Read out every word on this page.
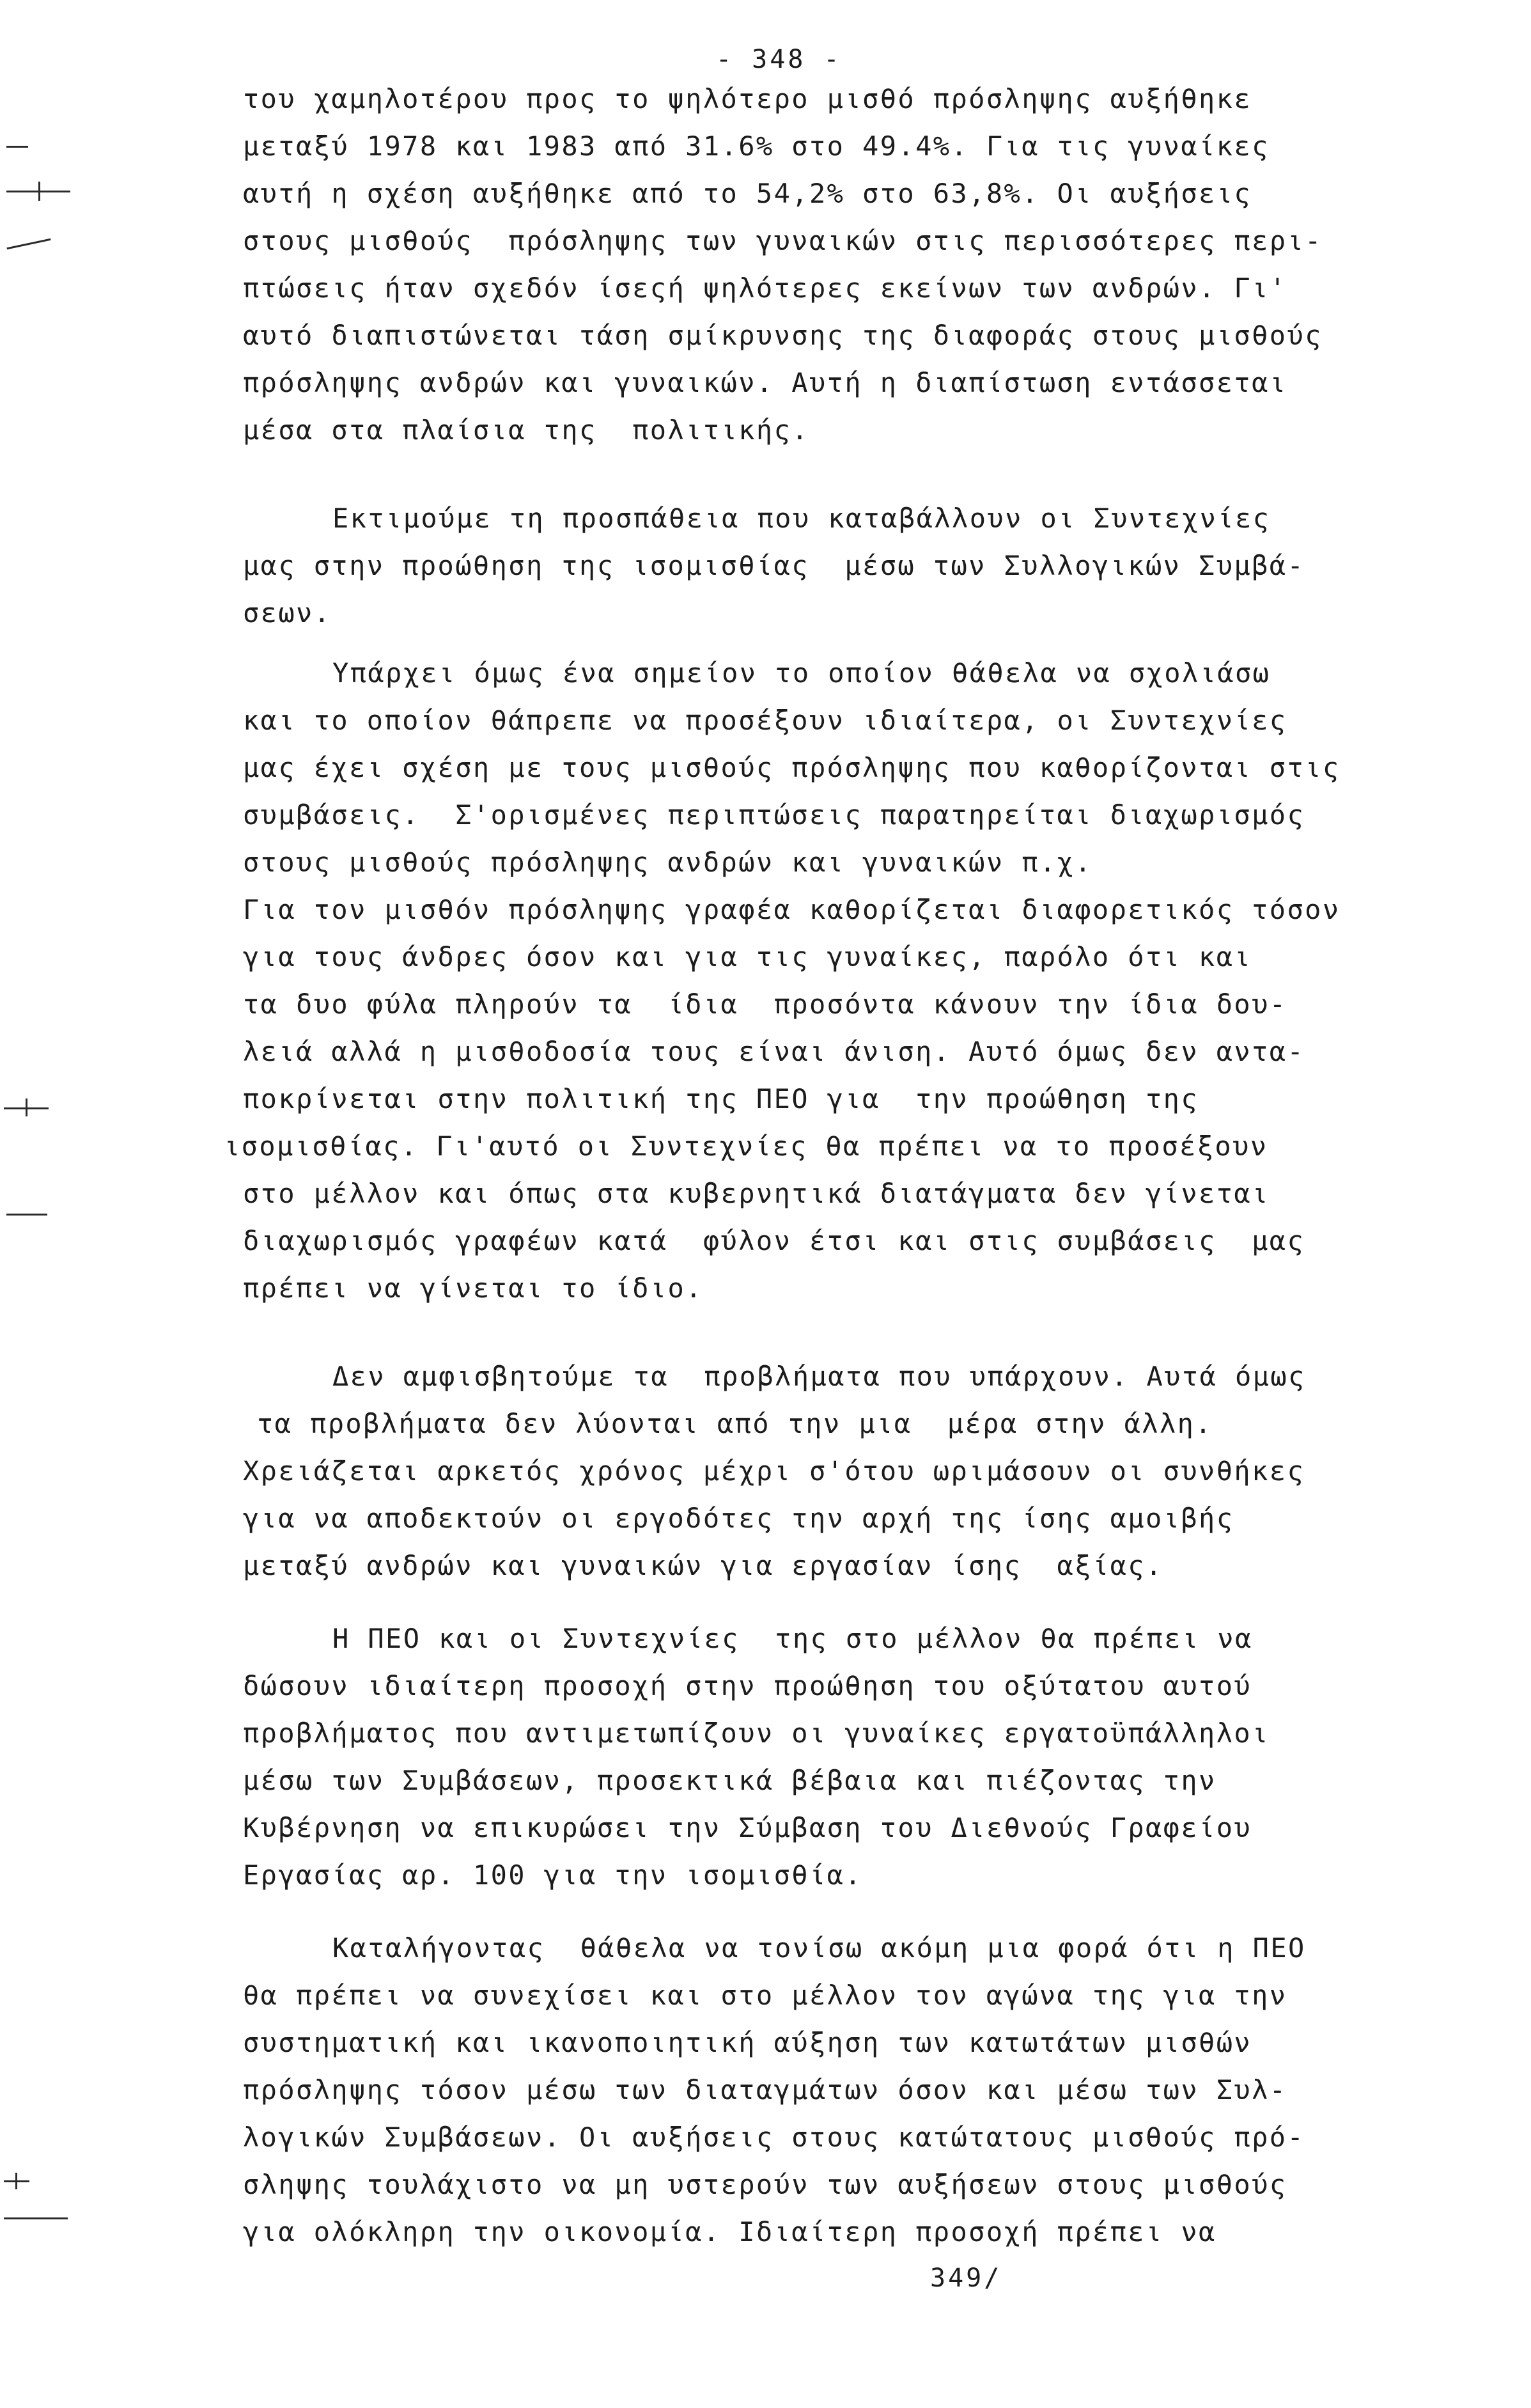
- 348 -
του χαμηλοτέρου προς το ψηλότερο μισθό πρόσληψης αυξήθηκε
μεταξύ 1978 και 1983 από 31.6% στο 49.4%. Για τις γυναίκες
αυτή η σχέση αυξήθηκε από το 54,2% στο 63,8%. Οι αυξήσεις
στους μισθούς  πρόσληψης των γυναικών στις περισσότερες περι-
πτώσεις ήταν σχεδόν ίσεςή ψηλότερες εκείνων των ανδρών. Γι'
αυτό διαπιστώνεται τάση σμίκρυνσης της διαφοράς στους μισθούς
πρόσληψης ανδρών και γυναικών. Αυτή η διαπίστωση εντάσσεται
μέσα στα πλαίσια της  πολιτικής.
Εκτιμούμε τη προσπάθεια που καταβάλλουν οι Συντεχνίες
μας στην προώθηση της ισομισθίας  μέσω των Συλλογικών Συμβά-
σεων.
Υπάρχει όμως ένα σημείον το οποίον θάθελα να σχολιάσω
και το οποίον θάπρεπε να προσέξουν ιδιαίτερα, οι Συντεχνίες
μας έχει σχέση με τους μισθούς πρόσληψης που καθορίζονται στις
συμβάσεις.  Σ'ορισμένες περιπτώσεις παρατηρείται διαχωρισμός
στους μισθούς πρόσληψης ανδρών και γυναικών π.χ.
Για τον μισθόν πρόσληψης γραφέα καθορίζεται διαφορετικός τόσον
για τους άνδρες όσον και για τις γυναίκες, παρόλο ότι και
τα δυο φύλα πληρούν τα  ίδια  προσόντα κάνουν την ίδια δου-
λειά αλλά η μισθοδοσία τους είναι άνιση. Αυτό όμως δεν αντα-
ποκρίνεται στην πολιτική της ΠΕΟ για  την προώθηση της
ισομισθίας. Γι'αυτό οι Συντεχνίες θα πρέπει να το προσέξουν
στο μέλλον και όπως στα κυβερνητικά διατάγματα δεν γίνεται
διαχωρισμός γραφέων κατά  φύλον έτσι και στις συμβάσεις  μας
πρέπει να γίνεται το ίδιο.
Δεν αμφισβητούμε τα  προβλήματα που υπάρχουν. Αυτά όμως
τα προβλήματα δεν λύονται από την μια  μέρα στην άλλη.
Χρειάζεται αρκετός χρόνος μέχρι σ'ότου ωριμάσουν οι συνθήκες
για να αποδεκτούν οι εργοδότες την αρχή της ίσης αμοιβής
μεταξύ ανδρών και γυναικών για εργασίαν ίσης  αξίας.
Η ΠΕΟ και οι Συντεχνίες  της στο μέλλον θα πρέπει να
δώσουν ιδιαίτερη προσοχή στην προώθηση του οξύτατου αυτού
προβλήματος που αντιμετωπίζουν οι γυναίκες εργατοϋπάλληλοι
μέσω των Συμβάσεων, προσεκτικά βέβαια και πιέζοντας την
Κυβέρνηση να επικυρώσει την Σύμβαση του Διεθνούς Γραφείου
Εργασίας αρ. 100 για την ισομισθία.
Καταλήγοντας  θάθελα να τονίσω ακόμη μια φορά ότι η ΠΕΟ
θα πρέπει να συνεχίσει και στο μέλλον τον αγώνα της για την
συστηματική και ικανοποιητική αύξηση των κατωτάτων μισθών
πρόσληψης τόσον μέσω των διαταγμάτων όσον και μέσω των Συλ-
λογικών Συμβάσεων. Οι αυξήσεις στους κατώτατους μισθούς πρό-
σληψης τουλάχιστο να μη υστερούν των αυξήσεων στους μισθούς
για ολόκληρη την οικονομία. Ιδιαίτερη προσοχή πρέπει να
349/
